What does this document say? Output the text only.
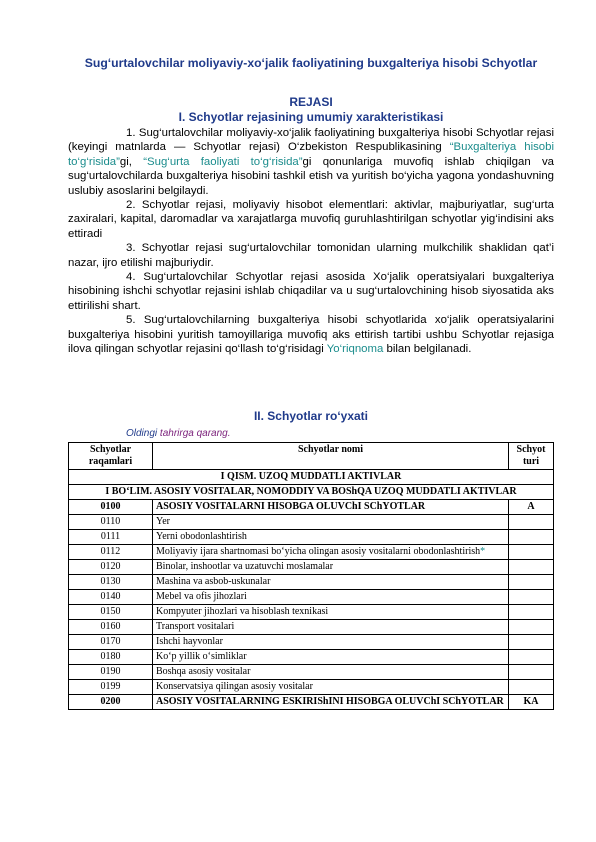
Sug‘urtalovchilar moliyaviy-xo‘jalik faoliyatining buxgalteriya hisobi Schyotlar
REJASI
I. Schyotlar rejasining umumiy xarakteristikasi

1. Sug‘urtalovchilar moliyaviy-xo‘jalik faoliyatining buxgalteriya hisobi Schyotlar rejasi (keyingi matnlarda — Schyotlar rejasi) O‘zbekiston Respublikasining “Buxgalteriya hisobi to‘g‘risida”gi, “Sug‘urta faoliyati to‘g‘risida”gi qonunlariga muvofiq ishlab chiqilgan va sug‘urtalovchilarda buxgalteriya hisobini tashkil etish va yuritish bo‘yicha yagona yondashuvning uslubiy asoslarini belgilaydi.

2. Schyotlar rejasi, moliyaviy hisobot elementlari: aktivlar, majburiyatlar, sug‘urta zaxiralari, kapital, daromadlar va xarajatlarga muvofiq guruhlashtirilgan schyotlar yig‘indisini aks ettiradi

3. Schyotlar rejasi sug‘urtalovchilar tomonidan ularning mulkchilik shaklidan qat’i nazar, ijro etilishi majburiydir.

4. Sug‘urtalovchilar Schyotlar rejasi asosida Xo‘jalik operatsiyalari buxgalteriya hisobining ishchi schyotlar rejasini ishlab chiqadilar va u sug‘urtalovchining hisob siyosatida aks ettirilishi shart.

5. Sug‘urtalovchilarning buxgalteriya hisobi schyotlarida xo‘jalik operatsiyalarini buxgalteriya hisobini yuritish tamoyillariga muvofiq aks ettirish tartibi ushbu Schyotlar rejasiga ilova qilingan schyotlar rejasini qo‘llash to‘g‘risidagi Yo‘riqnoma bilan belgilanadi.

II. Schyotlar ro‘yxati
Oldingi tahrirga qarang.
Schyotlar raqamlari	Schyotlar nomi	Schyot turi
I QISM. UZOQ MUDDATLI AKTIVLAR		
I BO‘LIM. ASOSIY VOSITALAR, NOMODDIY VA BOShQA UZOQ MUDDATLI AKTIVLAR		
0100	ASOSIY VOSITALARNI HISOBGA OLUVChI SChYOTLAR	A
0110	Yer	
0111	Yerni obodonlashtirish	
0112	Moliyaviy ijara shartnomasi bo‘yicha olingan asosiy vositalarni obodonlashtirish*	
0120	Binolar, inshootlar va uzatuvchi moslamalar	
0130	Mashina va asbob-uskunalar	
0140	Mebel va ofis jihozlari	
0150	Kompyuter jihozlari va hisoblash texnikasi	
0160	Transport vositalari	
0170	Ishchi hayvonlar	
0180	Ko‘p yillik o‘simliklar	
0190	Boshqa asosiy vositalar	
0199	Konservatsiya qilingan asosiy vositalar	
0200	ASOSIY VOSITALARNING ESKIRIShINI HISOBGA OLUVChI SChYOTLAR	KA
